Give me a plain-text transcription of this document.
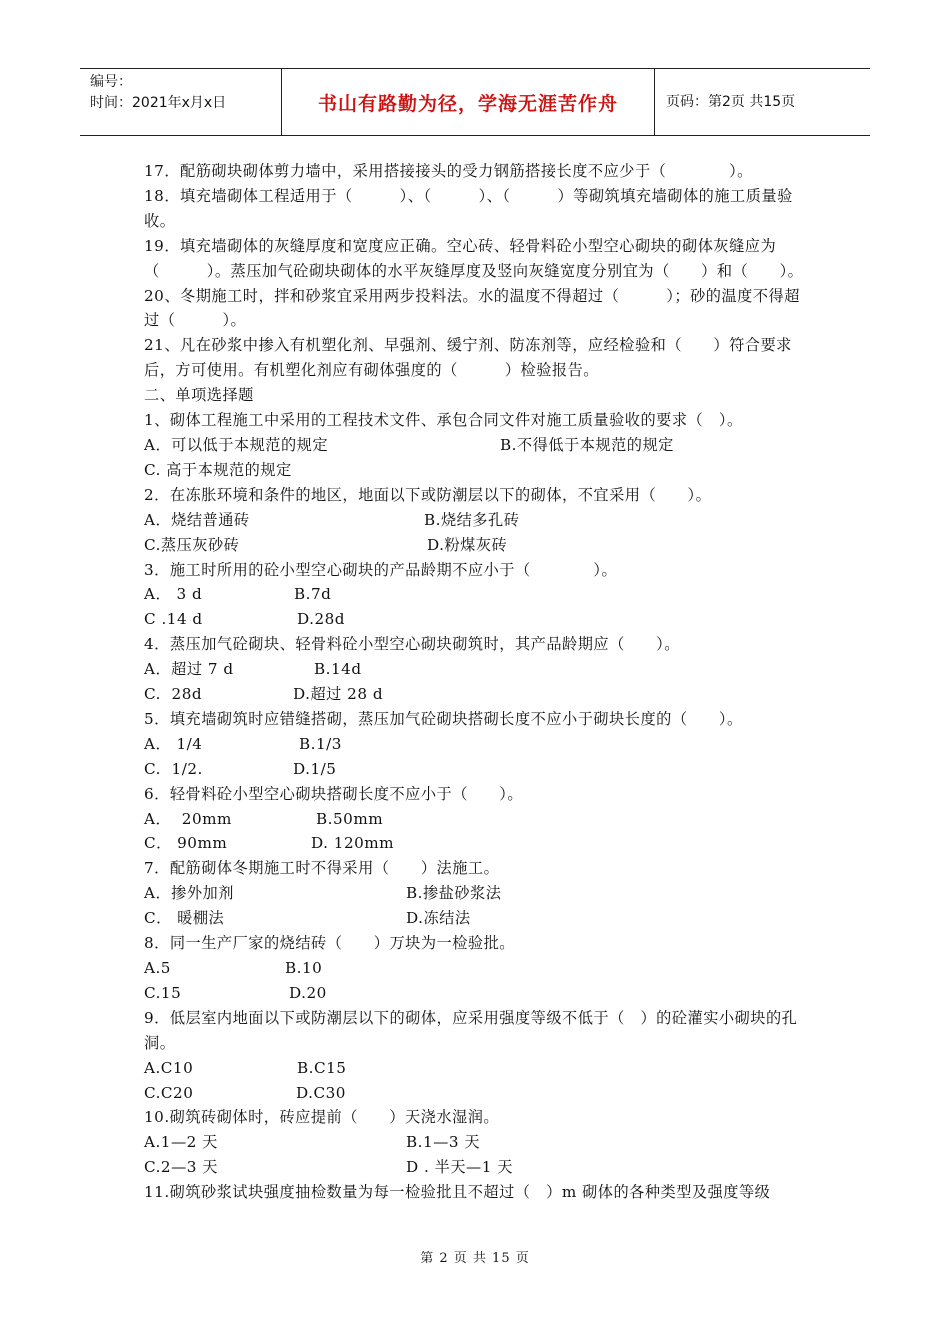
编号：
时间：2021年x月x日	书山有路勤为径，学海无涯苦作舟	页码：第2页 共15页

17．配筋砌块砌体剪力墙中，采用搭接接头的受力钢筋搭接长度不应少于（　　　　）。

18．填充墙砌体工程适用于（　　　）、（　　　）、（　　　）等砌筑填充墙砌体的施工质量验收。

19．填充墙砌体的灰缝厚度和宽度应正确。空心砖、轻骨料砼小型空心砌块的砌体灰缝应为（　　　）。蒸压加气砼砌块砌体的水平灰缝厚度及竖向灰缝宽度分别宜为（　　）和（　　）。

20、冬期施工时，拌和砂浆宜采用两步投料法。水的温度不得超过（　　　）；砂的温度不得超过（　　　）。

21、凡在砂浆中掺入有机塑化剂、早强剂、缓宁剂、防冻剂等，应经检验和（　　）符合要求后，方可使用。有机塑化剂应有砌体强度的（　　　）检验报告。

二、单项选择题

1、砌体工程施工中采用的工程技术文件、承包合同文件对施工质量验收的要求（　）。

A．可以低于本规范的规定	B.不得低于本规范的规定

C. 高于本规范的规定

2．在冻胀环境和条件的地区，地面以下或防潮层以下的砌体，不宜采用（　　）。

A．烧结普通砖	B.烧结多孔砖
C.蒸压灰砂砖	D.粉煤灰砖

3．施工时所用的砼小型空心砌块的产品龄期不应小于（　　　　）。

A． 3 d	B.7d
C .14 d	D.28d

4．蒸压加气砼砌块、轻骨料砼小型空心砌块砌筑时，其产品龄期应（　　）。

A．超过 7 d	B.14d
C.  28d	D.超过 28 d

5．填充墙砌筑时应错缝搭砌，蒸压加气砼砌块搭砌长度不应小于砌块长度的（　　）。

A． 1/4	B.1/3
C.  1/2.	D.1/5

6．轻骨料砼小型空心砌块搭砌长度不应小于（　　）。

A．  20mm	B.50mm
C． 90mm	D. 120mm

7．配筋砌体冬期施工时不得采用（　　）法施工。

A．掺外加剂	B.掺盐砂浆法
C． 暖棚法	D.冻结法

8．同一生产厂家的烧结砖（　　）万块为一检验批。

A.5	B.10
C.15	D.20

9．低层室内地面以下或防潮层以下的砌体，应采用强度等级不低于（　）的砼灌实小砌块的孔洞。

A.C10	B.C15
C.C20	D.C30

10.砌筑砖砌体时，砖应提前（　　）天浇水湿润。

A.1—2 天	B.1—3 天
C.2—3 天	D . 半天—1 天

11.砌筑砂浆试块强度抽检数量为每一检验批且不超过（　）m 砌体的各种类型及强度等级

第 2 页 共 15 页
